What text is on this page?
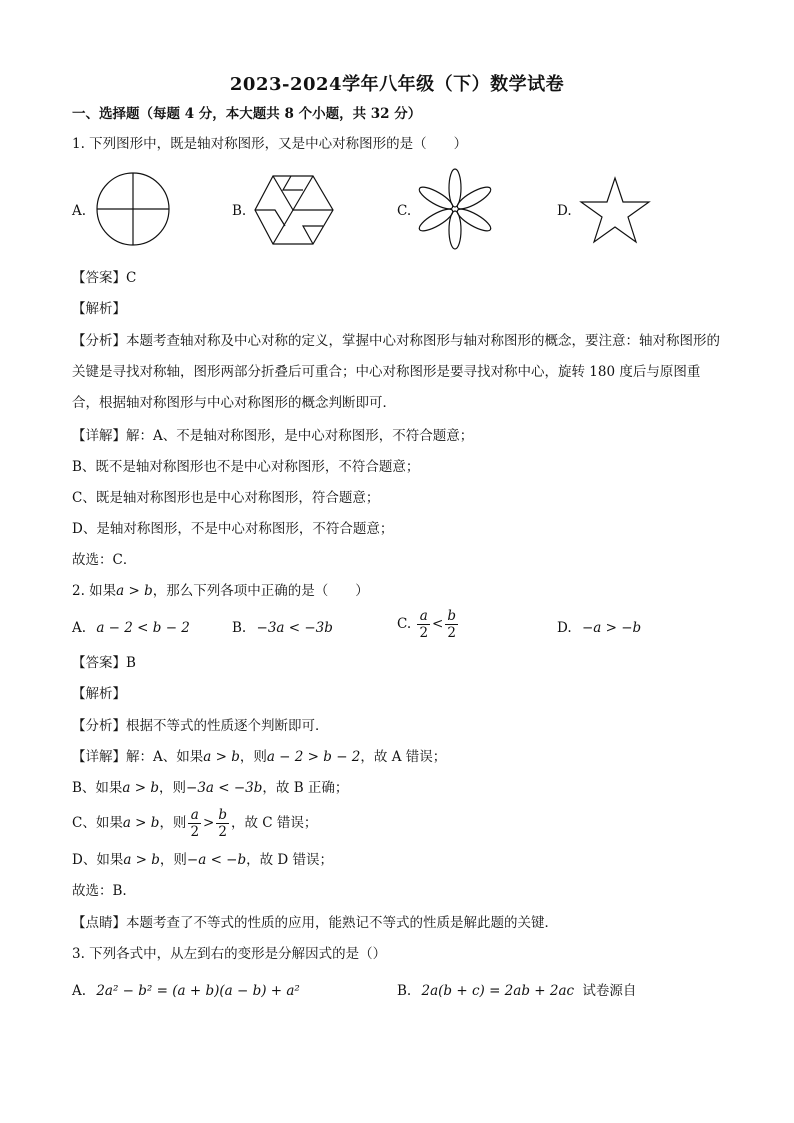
2023-2024学年八年级（下）数学试卷
一、选择题（每题 4 分，本大题共 8 个小题，共 32 分）
1. 下列图形中，既是轴对称图形，又是中心对称图形的是（　　）
A.	B.	C.	D.
【答案】C
【解析】
【分析】本题考查轴对称及中心对称的定义，掌握中心对称图形与轴对称图形的概念，要注意：轴对称图形的关键是寻找对称轴，图形两部分折叠后可重合；中心对称图形是要寻找对称中心，旋转 180 度后与原图重合，根据轴对称图形与中心对称图形的概念判断即可．
【详解】解：A、不是轴对称图形，是中心对称图形，不符合题意；
B、既不是轴对称图形也不是中心对称图形，不符合题意；
C、既是轴对称图形也是中心对称图形，符合题意；
D、是轴对称图形，不是中心对称图形，不符合题意；
故选：C．
2. 如果a > b，那么下列各项中正确的是（　　）
A. a − 2 < b − 2	B. −3a < −3b	C. $\frac{a}{2} < \frac{b}{2}$	D. −a > −b
【答案】B
【解析】
【分析】根据不等式的性质逐个判断即可．
【详解】解：A、如果a > b，则a − 2 > b − 2，故 A 错误；
B、如果a > b，则−3a < −3b，故 B 正确；
C、如果a > b，则 $\frac{a}{2} > \frac{b}{2}$ ，故 C 错误；
D、如果a > b，则−a < −b，故 D 错误；
故选：B.
【点睛】本题考查了不等式的性质的应用，能熟记不等式的性质是解此题的关键．
3. 下列各式中，从左到右的变形是分解因式的是（）
A. 2a² − b² = (a + b)(a − b) + a²	B. 2a(b + c) = 2ab + 2ac 试卷源自
